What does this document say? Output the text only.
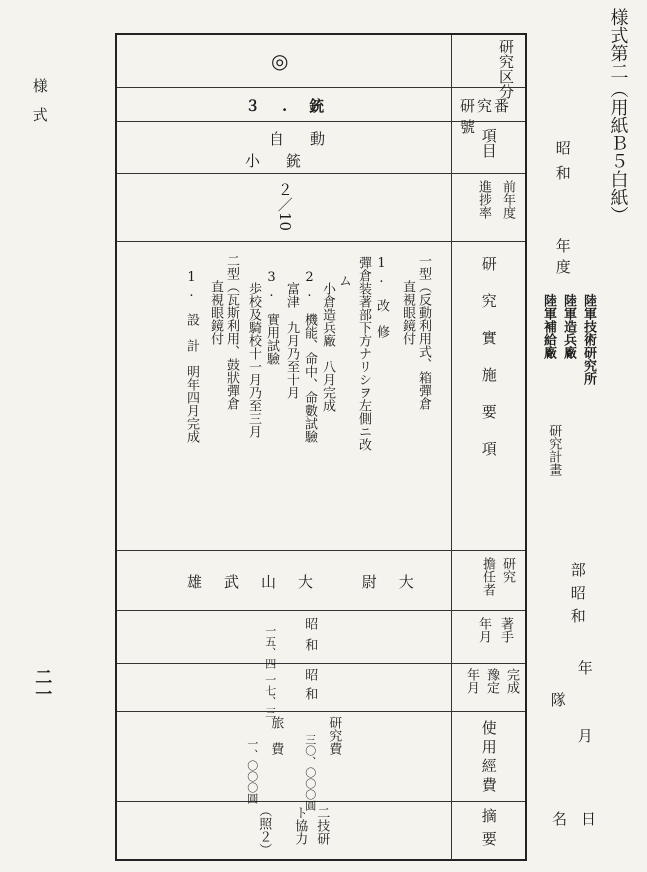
様式第二（用紙Ｂ５白紙）
様式
二一
昭和
年度
陸軍技術研究所
陸軍造兵廠
陸軍補給廠
研究計畫
部昭和
年
隊
月
名日
研究区分
◎
研究番號
３.銃
項目
自動
小銃
前年度
進捗率
２／10
研究實施要項
一型（反動利用式、箱彈倉
　　直視眼鏡付
1.　改　修
彈倉装著部下方ナリシヲ左側ニ改
ム
小倉造兵廠　八月完成
2.　機能、命中、命數試驗
富津　九月乃至十月
3.　實用試驗
歩校及騎校十一月乃至三月
二型（瓦斯利用、鼓狀彈倉
　　直視眼鏡付
1.　設　計　明年四月完成
研究
擔任者
大尉 大山武雄
著手
年月
昭和
一五、四
完成
豫定
年月
昭和
一七、三
使用經費
研究費
三〇、〇〇〇圓
旅　費
一、〇〇〇圓
摘要
二技研
ト協力
（照２）
